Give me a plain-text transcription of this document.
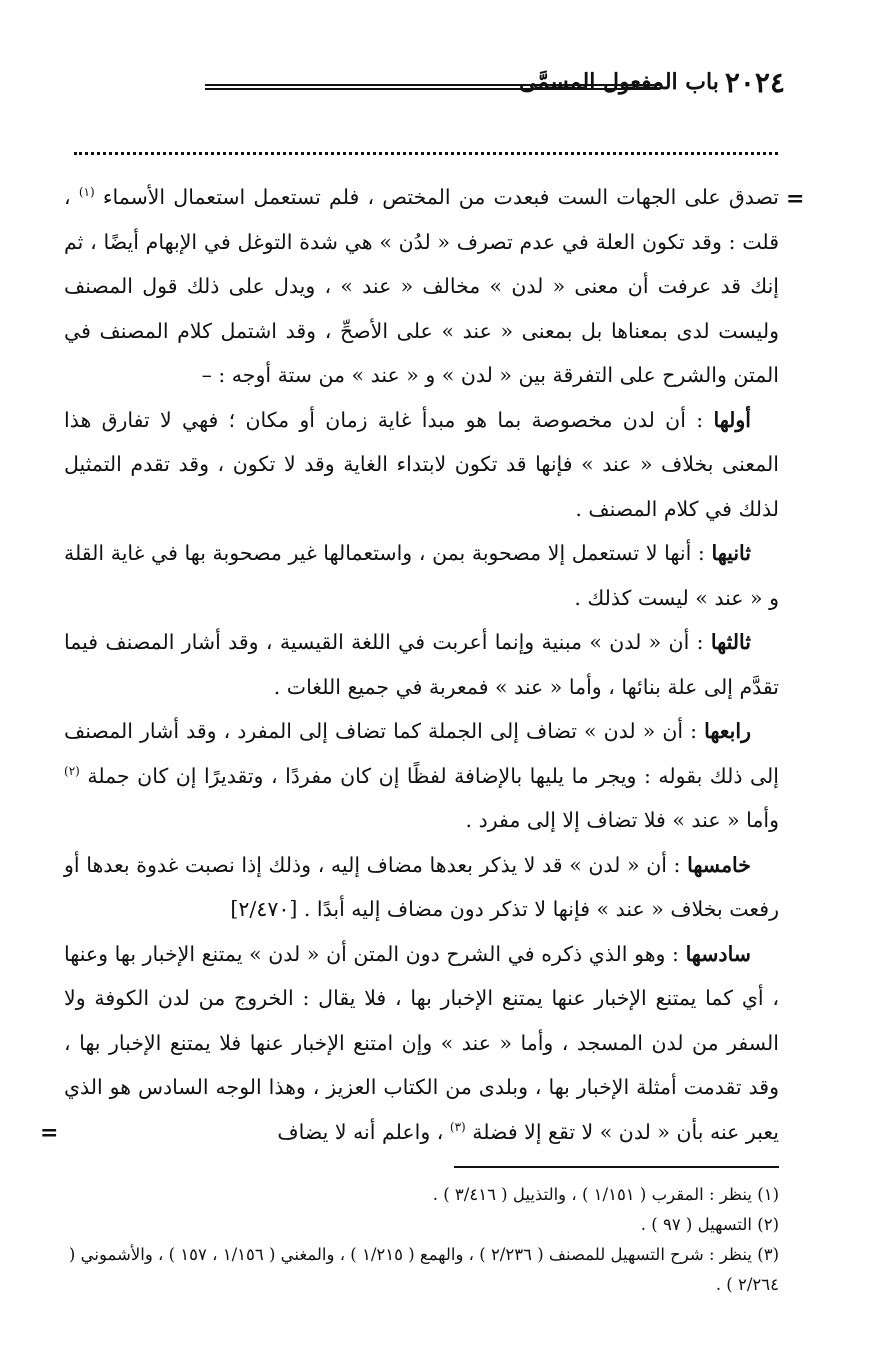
٢٠٢٤
باب المفعول المسمَّى
=

تصدق على الجهات الست فبعدت من المختص ، فلم تستعمل استعمال الأسماء $^{(١)}$ ، قلت : وقد تكون العلة في عدم تصرف « لدُن » هي شدة التوغل في الإبهام أيضًا ، ثم إنك قد عرفت أن معنى « لدن » مخالف « عند » ، ويدل على ذلك قول المصنف وليست لدى بمعناها بل بمعنى « عند » على الأصحِّ ، وقد اشتمل كلام المصنف في المتن والشرح على التفرقة بين « لدن » و « عند » من ستة أوجه : –

أولها : أن لدن مخصوصة بما هو مبدأ غاية زمان أو مكان ؛ فهي لا تفارق هذا المعنى بخلاف « عند » فإنها قد تكون لابتداء الغاية وقد لا تكون ، وقد تقدم التمثيل لذلك في كلام المصنف .

ثانيها : أنها لا تستعمل إلا مصحوبة بمن ، واستعمالها غير مصحوبة بها في غاية القلة و « عند » ليست كذلك .

ثالثها : أن « لدن » مبنية وإنما أعربت في اللغة القيسية ، وقد أشار المصنف فيما تقدَّم إلى علة بنائها ، وأما « عند » فمعربة في جميع اللغات .

رابعها : أن « لدن » تضاف إلى الجملة كما تضاف إلى المفرد ، وقد أشار المصنف إلى ذلك بقوله : ويجر ما يليها بالإضافة لفظًا إن كان مفردًا ، وتقديرًا إن كان جملة $^{(٢)}$ وأما « عند » فلا تضاف إلا إلى مفرد .

خامسها : أن « لدن » قد لا يذكر بعدها مضاف إليه ، وذلك إذا نصبت غدوة بعدها أو رفعت بخلاف « عند » فإنها لا تذكر دون مضاف إليه أبدًا . [٢/٤٧٠]

سادسها : وهو الذي ذكره في الشرح دون المتن أن « لدن » يمتنع الإخبار بها وعنها ، أي كما يمتنع الإخبار عنها يمتنع الإخبار بها ، فلا يقال : الخروج من لدن الكوفة ولا السفر من لدن المسجد ، وأما « عند » وإن امتنع الإخبار عنها فلا يمتنع الإخبار بها ، وقد تقدمت أمثلة الإخبار بها ، وبلدى من الكتاب العزيز ، وهذا الوجه السادس هو الذي يعبر عنه بأن « لدن » لا تقع إلا فضلة $^{(٣)}$ ، واعلم أنه لا يضاف

=

(١) ينظر : المقرب ( ١/١٥١ ) ، والتذييل ( ٣/٤١٦ ) .

(٢) التسهيل ( ٩٧ ) .

(٣) ينظر : شرح التسهيل للمصنف ( ٢/٢٣٦ ) ، والهمع ( ١/٢١٥ ) ، والمغني ( ١/١٥٦ ، ١٥٧ ) ، والأشموني ( ٢/٢٦٤ ) .
